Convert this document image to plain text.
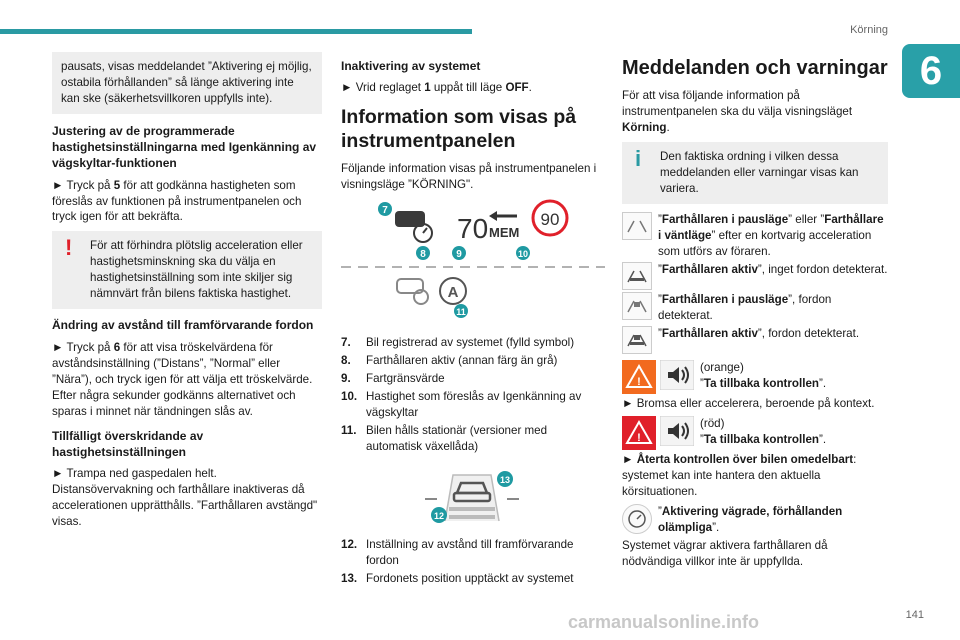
Körning
6
141
carmanualsonline.info

pausats, visas meddelandet ”Aktivering ej möjlig, ostabila förhållanden” så länge aktivering inte kan ske (säkerhetsvillkoren uppfylls inte).

Justering av de programmerade hastighetsinställningarna med Igenkänning av vägskyltar-funktionen

► Tryck på 5 för att godkänna hastigheten som föreslås av funktionen på instrumentpanelen och tryck igen för att bekräfta.

!	För att förhindra plötslig acceleration eller hastighetsminskning ska du välja en hastighetsinställning som inte skiljer sig nämnvärt från bilens faktiska hastighet.
Ändring av avstånd till framförvarande fordon

► Tryck på 6 för att visa tröskelvärdena för avståndsinställning (”Distans”, ”Normal” eller ”Nära”), och tryck igen för att välja ett tröskelvärde.

Efter några sekunder godkänns alternativet och sparas i minnet när tändningen slås av.

Tillfälligt överskridande av hastighetsinställningen

► Trampa ned gaspedalen helt.

Distansövervakning och farthållare inaktiveras då accelerationen upprätthålls. ”Farthållaren avstängd" visas.

Inaktivering av systemet

► Vrid reglaget 1 uppåt till läge OFF.

Information som visas på instrumentpanelen

Följande information visas på instrumentpanelen i visningsläge ”KÖRNING".

70 MEM
90
7
8	9	10
A
11
7.	Bil registrerad av systemet (fylld symbol)
8.	Farthållaren aktiv (annan färg än grå)
9.	Fartgränsvärde
10. Hastighet som föreslås av Igenkänning av vägskyltar
11. Bilen hålls stationär (versioner med automatisk växellåda)
13
12
12. Inställning av avstånd till framförvarande fordon
13. Fordonets position upptäckt av systemet
Meddelanden och varningar

För att visa följande information på instrumentpanelen ska du välja visningsläget Körning.

i	Den faktiska ordning i vilken dessa meddelanden eller varningar visas kan variera.
”Farthållaren i pausläge” eller ”Farthållare i väntläge” efter en kortvarig acceleration som utförs av föraren.
”Farthållaren aktiv”, inget fordon detekterat.
”Farthållaren i pausläge”, fordon detekterat.
”Farthållaren aktiv”, fordon detekterat.
!
(orange)
”Ta tillbaka kontrollen”.

► Bromsa eller accelerera, beroende på kontext.

!
(röd)
”Ta tillbaka kontrollen”.

► Återta kontrollen över bilen omedelbart: systemet kan inte hantera den aktuella körsituationen.

”Aktivering vägrade, förhållanden olämpliga”.

Systemet vägrar aktivera farthållaren då nödvändiga villkor inte är uppfyllda.
